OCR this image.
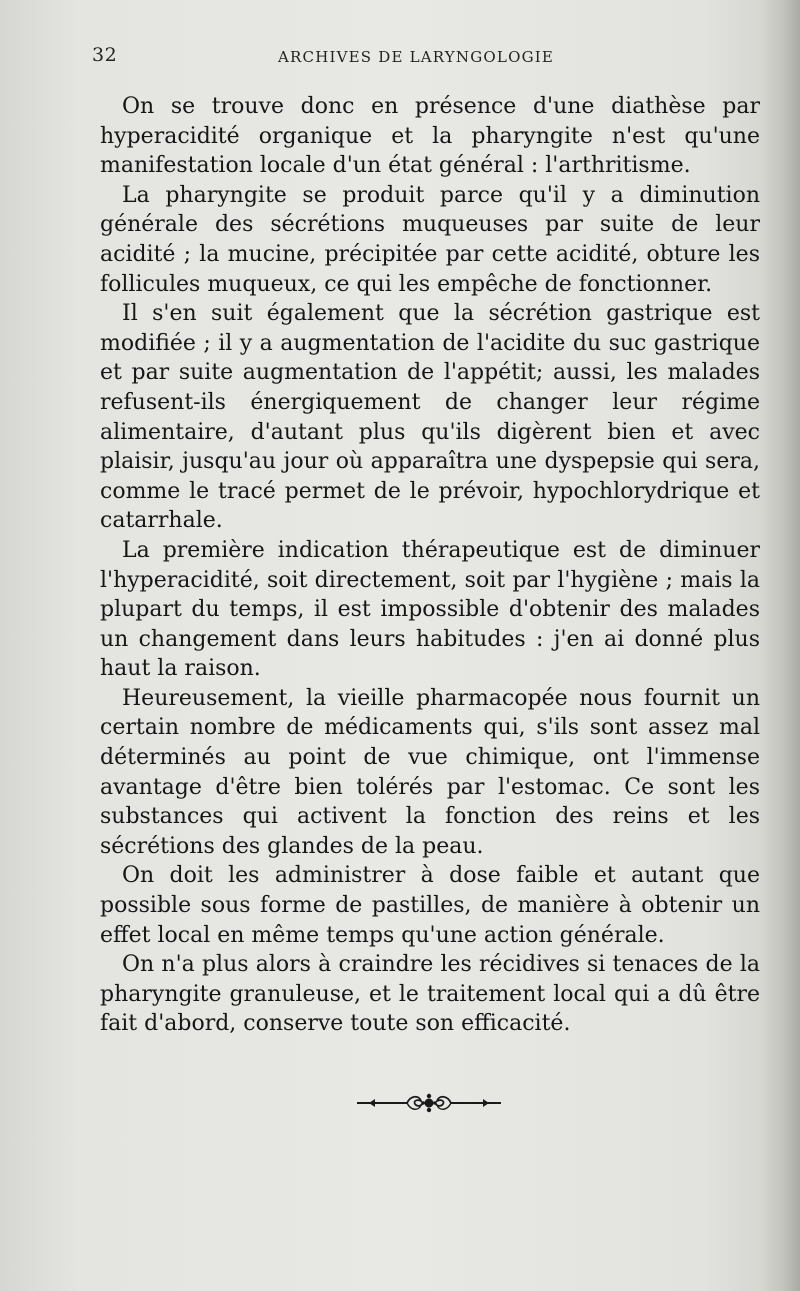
32	ARCHIVES DE LARYNGOLOGIE

On se trouve donc en présence d'une diathèse par hyperacidité organique et la pharyngite n'est qu'une manifestation locale d'un état général : l'arthritisme.

La pharyngite se produit parce qu'il y a diminution générale des sécrétions muqueuses par suite de leur acidité ; la mucine, précipitée par cette acidité, obture les follicules muqueux, ce qui les empêche de fonctionner.

Il s'en suit également que la sécrétion gastrique est modifiée ; il y a augmentation de l'acidite du suc gastrique et par suite augmentation de l'appétit; aussi, les malades refusent-ils énergiquement de changer leur régime alimentaire, d'autant plus qu'ils digèrent bien et avec plaisir, jusqu'au jour où apparaîtra une dyspepsie qui sera, comme le tracé permet de le prévoir, hypochlorydrique et catarrhale.

La première indication thérapeutique est de diminuer l'hyperacidité, soit directement, soit par l'hygiène ; mais la plupart du temps, il est impossible d'obtenir des malades un changement dans leurs habitudes : j'en ai donné plus haut la raison.

Heureusement, la vieille pharmacopée nous fournit un certain nombre de médicaments qui, s'ils sont assez mal déterminés au point de vue chimique, ont l'immense avantage d'être bien tolérés par l'estomac. Ce sont les substances qui activent la fonction des reins et les sécrétions des glandes de la peau.

On doit les administrer à dose faible et autant que possible sous forme de pastilles, de manière à obtenir un effet local en même temps qu'une action générale.

On n'a plus alors à craindre les récidives si tenaces de la pharyngite granuleuse, et le traitement local qui a dû être fait d'abord, conserve toute son efficacité.
